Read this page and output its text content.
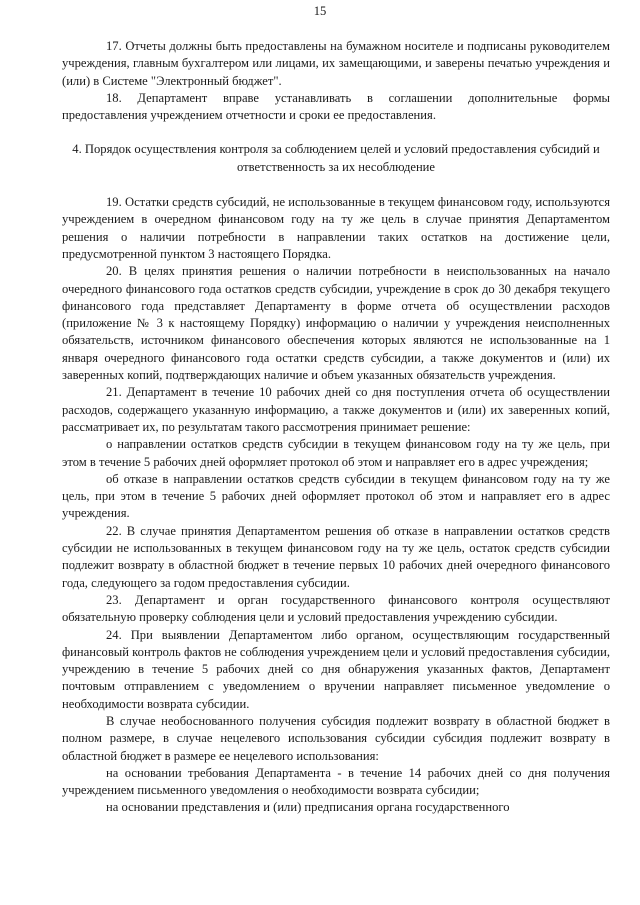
15

17. Отчеты должны быть предоставлены на бумажном носителе и подписаны руководителем учреждения, главным бухгалтером или лицами, их замещающими, и заверены печатью учреждения и (или) в Системе "Электронный бюджет".

18. Департамент вправе устанавливать в соглашении дополнительные формы предоставления учреждением отчетности и сроки ее предоставления.

4. Порядок осуществления контроля за соблюдением целей и условий предоставления субсидий и ответственность за их несоблюдение

19. Остатки средств субсидий, не использованные в текущем финансовом году, используются учреждением в очередном финансовом году на ту же цель в случае принятия Департаментом решения о наличии потребности в направлении таких остатков на достижение цели, предусмотренной пунктом 3 настоящего Порядка.

20. В целях принятия решения о наличии потребности в неиспользованных на начало очередного финансового года остатков средств субсидии, учреждение в срок до 30 декабря текущего финансового года представляет Департаменту в форме отчета об осуществлении расходов (приложение № 3 к настоящему Порядку) информацию о наличии у учреждения неисполненных обязательств, источником финансового обеспечения которых являются не использованные на 1 января очередного финансового года остатки средств субсидии, а также документов и (или) их заверенных копий, подтверждающих наличие и объем указанных обязательств учреждения.

21. Департамент в течение 10 рабочих дней со дня поступления отчета об осуществлении расходов, содержащего указанную информацию, а также документов и (или) их заверенных копий, рассматривает их, по результатам такого рассмотрения принимает решение:

о направлении остатков средств субсидии в текущем финансовом году на ту же цель, при этом в течение 5 рабочих дней оформляет протокол об этом и направляет его в адрес учреждения;

об отказе в направлении остатков средств субсидии в текущем финансовом году на ту же цель, при этом в течение 5 рабочих дней оформляет протокол об этом и направляет его в адрес учреждения.

22. В случае принятия Департаментом решения об отказе в направлении остатков средств субсидии не использованных в текущем финансовом году на ту же цель, остаток средств субсидии подлежит возврату в областной бюджет в течение первых 10 рабочих дней очередного финансового года, следующего за годом предоставления субсидии.

23. Департамент и орган государственного финансового контроля осуществляют обязательную проверку соблюдения цели и условий предоставления учреждению субсидии.

24. При выявлении Департаментом либо органом, осуществляющим государственный финансовый контроль фактов не соблюдения учреждением цели и условий предоставления субсидии, учреждению в течение 5 рабочих дней со дня обнаружения указанных фактов, Департамент почтовым отправлением с уведомлением о вручении направляет письменное уведомление о необходимости возврата субсидии.

В случае необоснованного получения субсидия подлежит возврату в областной бюджет в полном размере, в случае нецелевого использования субсидии субсидия подлежит возврату в областной бюджет в размере ее нецелевого использования:

на основании требования Департамента - в течение 14 рабочих дней со дня получения учреждением письменного уведомления о необходимости возврата субсидии;

на основании представления и (или) предписания органа государственного
